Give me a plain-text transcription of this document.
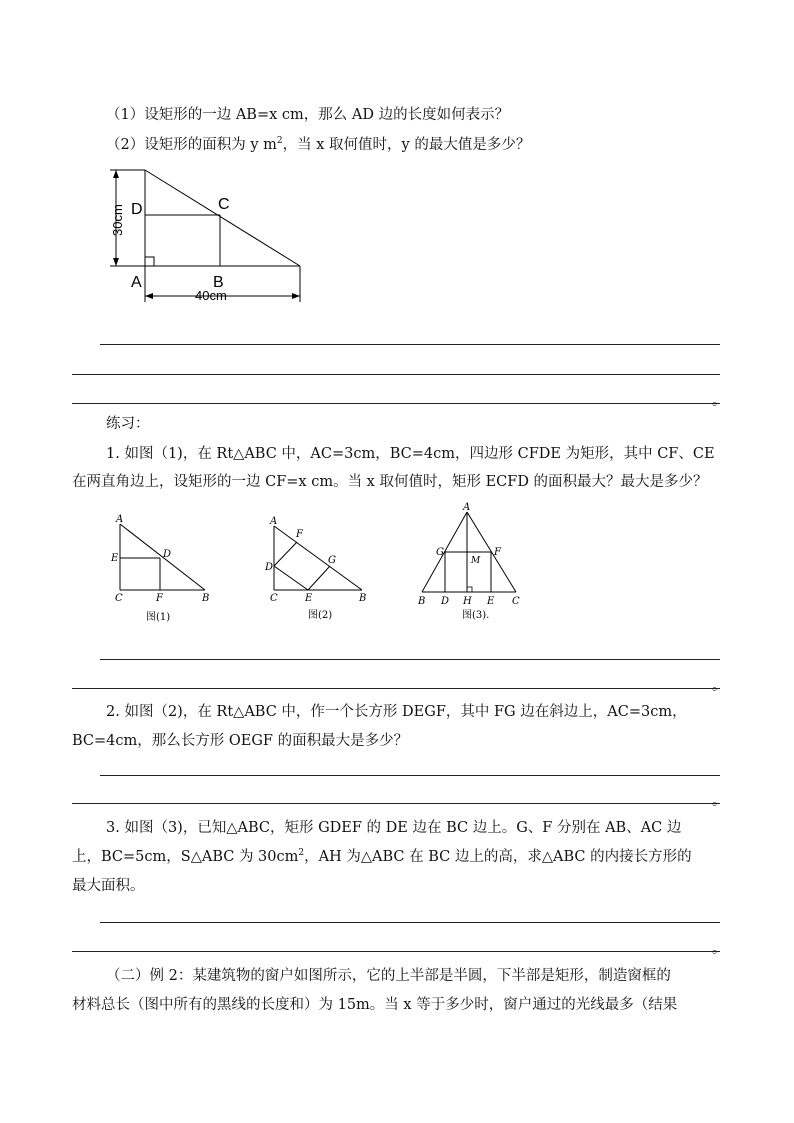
（1）设矩形的一边 AB=x cm，那么 AD 边的长度如何表示？
（2）设矩形的面积为 y $m^2$，当 x 取何值时，y 的最大值是多少？
D	C
A	B
30cm
40cm
。
练习：
1. 如图（1)，在 Rt△ABC 中，AC=3cm，BC=4cm，四边形 CFDE 为矩形，其中 CF、CE
在两直角边上，设矩形的一边 CF=x cm。当 x 取何值时，矩形 ECFD 的面积最大？最大是多少？
A
E	D
C	F	B
图(1)
A
F
G
D
C	E	B
图(2)
A
G
M
F
B D H E C
图(3).
。
2. 如图（2)，在 Rt△ABC 中，作一个长方形 DEGF，其中 FG 边在斜边上，AC=3cm，
BC=4cm，那么长方形 OEGF 的面积最大是多少？
。
3. 如图（3)，已知△ABC，矩形 GDEF 的 DE 边在 BC 边上。G、F 分别在 AB、AC 边
上，BC=5cm，S△ABC 为 $30cm^2$，AH 为△ABC 在 BC 边上的高，求△ABC 的内接长方形的
最大面积。
。
（二）例 2：某建筑物的窗户如图所示，它的上半部是半圆，下半部是矩形，制造窗框的
材料总长（图中所有的黑线的长度和）为 15m。当 x 等于多少时，窗户通过的光线最多（结果
